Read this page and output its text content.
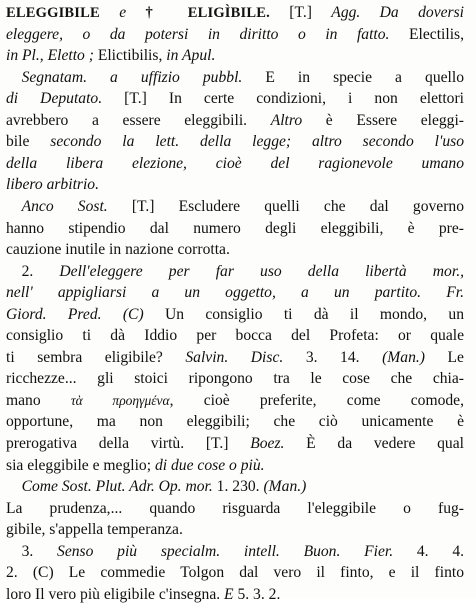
ELEGGIBILE e † ELIGÌBILE. [T.] Agg. Da doversi
eleggere, o da potersi in diritto o in fatto. Electilis,
in Pl., Eletto ; Elictibilis, in Apul.
 Segnatam. a uffizio pubbl. E in specie a quello
di Deputato. [T.] In certe condizioni, i non elettori
avrebbero a essere eleggibili. Altro è Essere eleggi-
bile secondo la lett. della legge; altro secondo l'uso
della libera elezione, cioè del ragionevole umano
libero arbitrio.
 Anco Sost. [T.] Escludere quelli che dal governo
hanno stipendio dal numero degli eleggibili, è pre-
cauzione inutile in nazione corrotta.
 2. Dell'eleggere per far uso della libertà mor.,
nell' appigliarsi a un oggetto, a un partito. Fr.
Giord. Pred. (C) Un consiglio ti dà il mondo, un
consiglio ti dà Iddio per bocca del Profeta: or quale
ti sembra eligibile? Salvin. Disc. 3. 14. (Man.) Le
ricchezze... gli stoici ripongono tra le cose che chia-
mano τὰ προηγμένα, cioè preferite, come comode,
opportune, ma non eleggibili; che ciò unicamente è
prerogativa della virtù. [T.] Boez. È da vedere qual
sia eleggibile e meglio; di due cose o più.
 Come Sost. Plut. Adr. Op. mor. 1. 230. (Man.)
La prudenza,... quando risguarda l'eleggibile o fug-
gibile, s'appella temperanza.
 3. Senso più specialm. intell. Buon. Fier. 4. 4.
2. (C) Le commedie Tolgon dal vero il finto, e il finto
loro Il vero più eligibile c'insegna. E 5. 3. 2.
